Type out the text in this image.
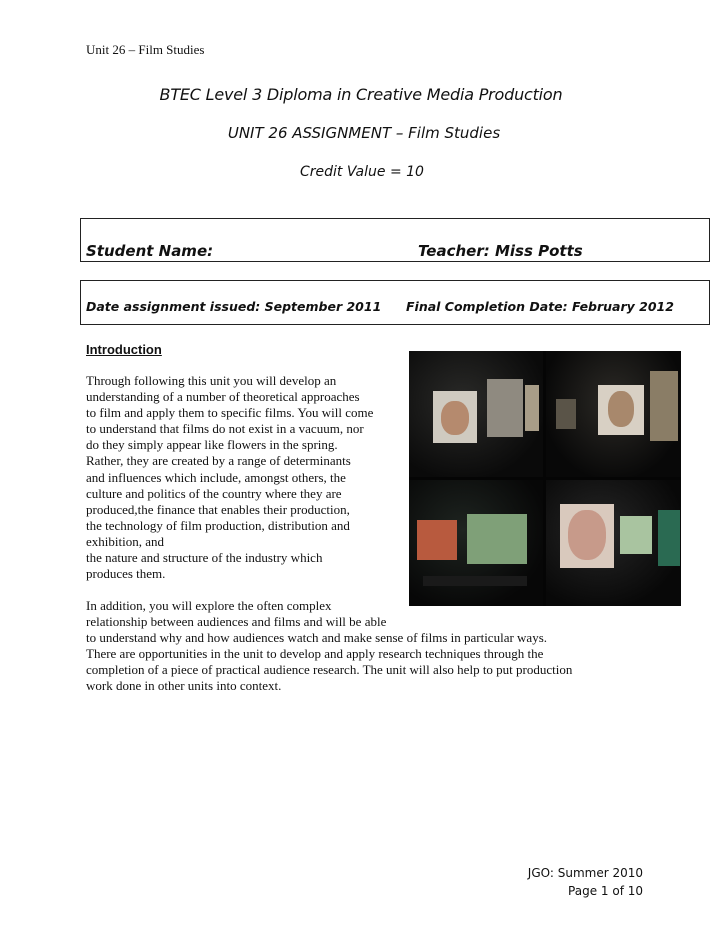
Unit 26 – Film Studies
BTEC Level 3 Diploma in Creative Media Production
UNIT 26 ASSIGNMENT – Film Studies
Credit Value = 10
Student Name:	Teacher: Miss Potts
Date assignment issued: September 2011 Final Completion Date: February 2012
Introduction
Through following this unit you will develop an
understanding of a number of theoretical approaches
to film and apply them to specific films. You will come
to understand that films do not exist in a vacuum, nor
do they simply appear like flowers in the spring.
Rather, they are created by a range of determinants
and influences which include, amongst others, the
culture and politics of the country where they are
produced,the finance that enables their production,
the technology of film production, distribution and
exhibition, and
the nature and structure of the industry which
produces them.
In addition, you will explore the often complex
relationship between audiences and films and will be able
to understand why and how audiences watch and make sense of films in particular ways.
There are opportunities in the unit to develop and apply research techniques through the
completion of a piece of practical audience research. The unit will also help to put production
work done in other units into context.
JGO: Summer 2010
Page 1 of 10
